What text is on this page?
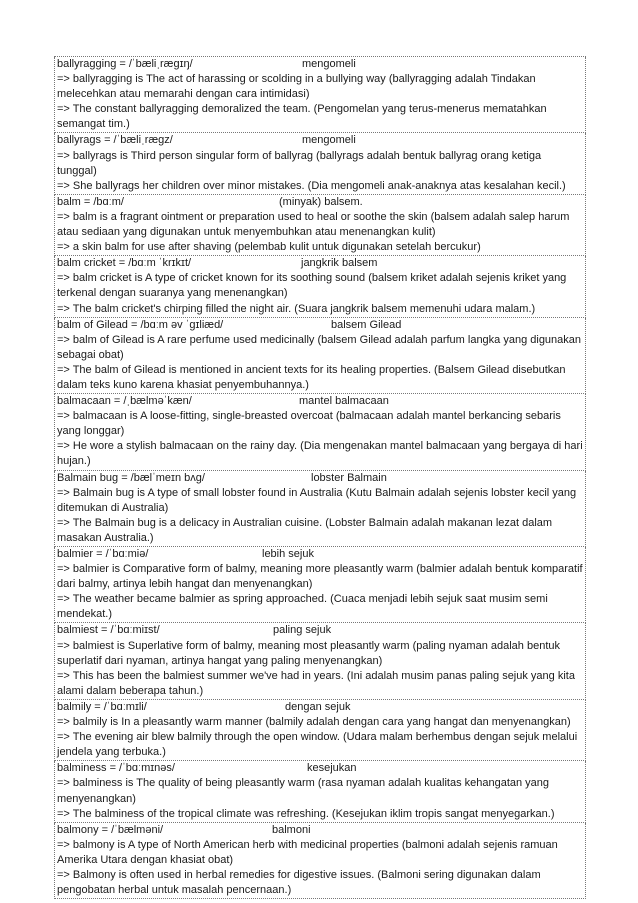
ballyragging = /ˈbæliˌræɡɪŋ/	mengomeli

=> ballyragging is The act of harassing or scolding in a bullying way (ballyragging adalah Tindakan melecehkan atau memarahi dengan cara intimidasi)

=> The constant ballyragging demoralized the team. (Pengomelan yang terus-menerus mematahkan semangat tim.)

ballyrags = /ˈbæliˌræɡz/	mengomeli

=> ballyrags is Third person singular form of ballyrag (ballyrags adalah bentuk ballyrag orang ketiga tunggal)

=> She ballyrags her children over minor mistakes. (Dia mengomeli anak-anaknya atas kesalahan kecil.)

balm = /bɑːm/	(minyak) balsem.

=> balm is a fragrant ointment or preparation used to heal or soothe the skin (balsem adalah salep harum atau sediaan yang digunakan untuk menyembuhkan atau menenangkan kulit)

=> a skin balm for use after shaving (pelembab kulit untuk digunakan setelah bercukur)

balm cricket = /bɑːm ˈkrɪkɪt/	jangkrik balsem

=> balm cricket is A type of cricket known for its soothing sound (balsem kriket adalah sejenis kriket yang terkenal dengan suaranya yang menenangkan)

=> The balm cricket's chirping filled the night air. (Suara jangkrik balsem memenuhi udara malam.)

balm of Gilead = /bɑːm əv ˈɡɪliæd/	balsem Gilead

=> balm of Gilead is A rare perfume used medicinally (balsem Gilead adalah parfum langka yang digunakan sebagai obat)

=> The balm of Gilead is mentioned in ancient texts for its healing properties. (Balsem Gilead disebutkan dalam teks kuno karena khasiat penyembuhannya.)

balmacaan = /ˌbælməˈkæn/	mantel balmacaan

=> balmacaan is A loose-fitting, single-breasted overcoat (balmacaan adalah mantel berkancing sebaris yang longgar)

=> He wore a stylish balmacaan on the rainy day. (Dia mengenakan mantel balmacaan yang bergaya di hari hujan.)

Balmain bug = /bælˈmeɪn bʌɡ/	lobster Balmain

=> Balmain bug is A type of small lobster found in Australia (Kutu Balmain adalah sejenis lobster kecil yang ditemukan di Australia)

=> The Balmain bug is a delicacy in Australian cuisine. (Lobster Balmain adalah makanan lezat dalam masakan Australia.)

balmier = /ˈbɑːmiə/	lebih sejuk

=> balmier is Comparative form of balmy, meaning more pleasantly warm (balmier adalah bentuk komparatif dari balmy, artinya lebih hangat dan menyenangkan)

=> The weather became balmier as spring approached. (Cuaca menjadi lebih sejuk saat musim semi mendekat.)

balmiest = /ˈbɑːmiɪst/	paling sejuk

=> balmiest is Superlative form of balmy, meaning most pleasantly warm (paling nyaman adalah bentuk superlatif dari nyaman, artinya hangat yang paling menyenangkan)

=> This has been the balmiest summer we've had in years. (Ini adalah musim panas paling sejuk yang kita alami dalam beberapa tahun.)

balmily = /ˈbɑːmɪli/	dengan sejuk

=> balmily is In a pleasantly warm manner (balmily adalah dengan cara yang hangat dan menyenangkan)

=> The evening air blew balmily through the open window. (Udara malam berhembus dengan sejuk melalui jendela yang terbuka.)

balminess = /ˈbɑːmɪnəs/	kesejukan

=> balminess is The quality of being pleasantly warm (rasa nyaman adalah kualitas kehangatan yang menyenangkan)

=> The balminess of the tropical climate was refreshing. (Kesejukan iklim tropis sangat menyegarkan.)

balmony = /ˈbælməni/	balmoni

=> balmony is A type of North American herb with medicinal properties (balmoni adalah sejenis ramuan Amerika Utara dengan khasiat obat)

=> Balmony is often used in herbal remedies for digestive issues. (Balmoni sering digunakan dalam pengobatan herbal untuk masalah pencernaan.)
